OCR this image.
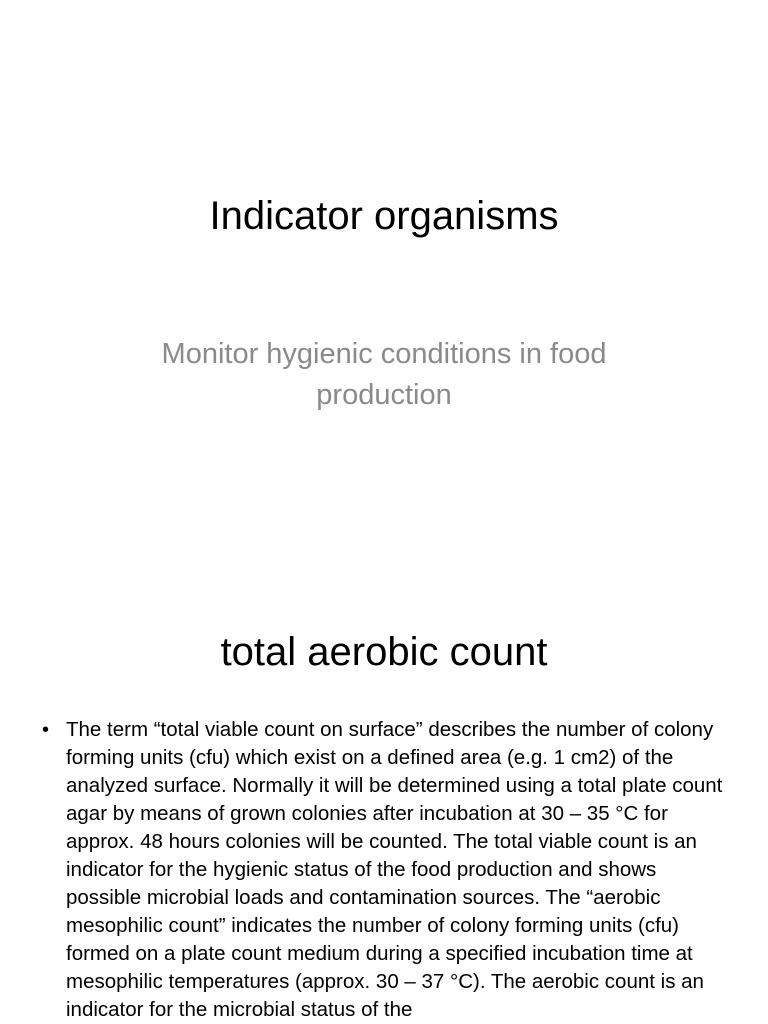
Indicator organisms

Monitor hygienic conditions in food
production

total aerobic count
• The term “total viable count on surface” describes the number of colony forming units (cfu) which exist on a defined area (e.g. 1 cm2) of the analyzed surface. Normally it will be determined using a total plate count agar by means of grown colonies after incubation at 30 – 35 °C for approx. 48 hours colonies will be counted. The total viable count is an indicator for the hygienic status of the food production and shows possible microbial loads and contamination sources. The “aerobic mesophilic count” indicates the number of colony forming units (cfu) formed on a plate count medium during a specified incubation time at mesophilic temperatures (approx. 30 – 37 °C). The aerobic count is an indicator for the microbial status of the
